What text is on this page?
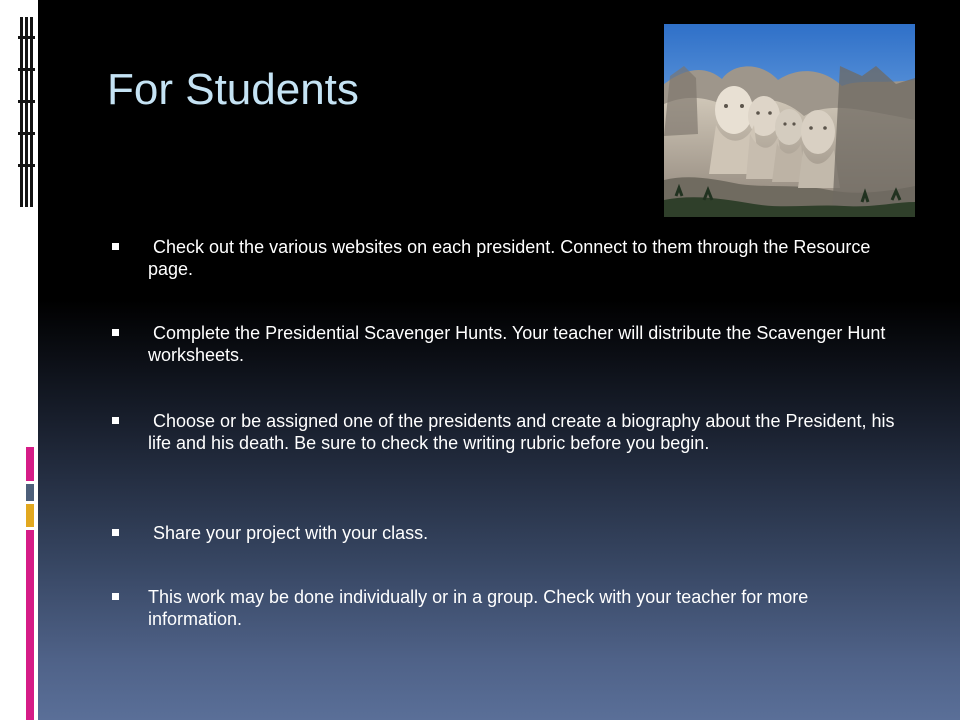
For Students
Check out the various websites on each president. Connect to them through the Resource page.
Complete the Presidential Scavenger Hunts. Your teacher will distribute the Scavenger Hunt worksheets.
Choose or be assigned one of the presidents and create a biography about the President, his life and his death. Be sure to check the writing rubric before you begin.
Share your project with your class.
This work may be done individually or in a group. Check with your teacher for more information.
